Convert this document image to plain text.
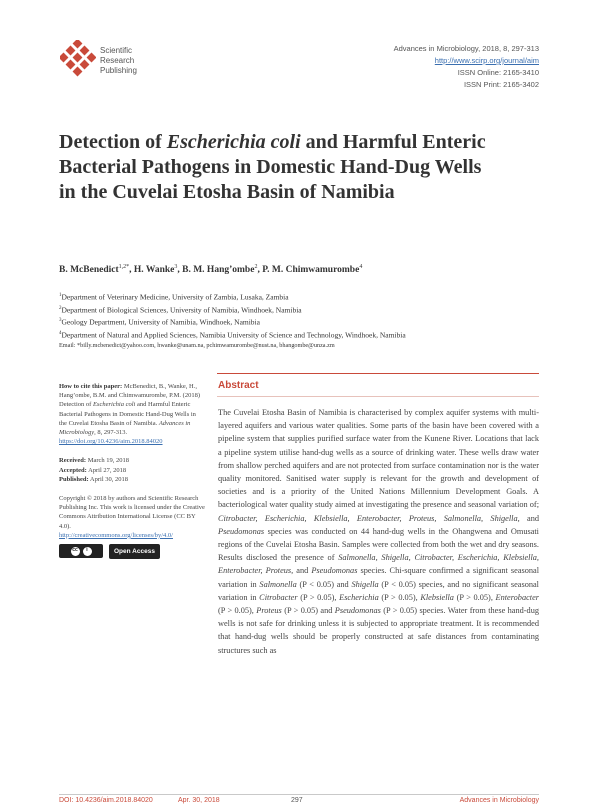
Scientific
Research
Publishing
Advances in Microbiology, 2018, 8, 297-313
http://www.scirp.org/journal/aim
ISSN Online: 2165-3410
ISSN Print: 2165-3402
Detection of Escherichia coli and Harmful Enteric Bacterial Pathogens in Domestic Hand-Dug Wells in the Cuvelai Etosha Basin of Namibia
B. McBenedict$^{1,2*}$, H. Wanke$^3$, B. M. Hang’ombe$^2$, P. M. Chimwamurombe$^4$
$^1$Department of Veterinary Medicine, University of Zambia, Lusaka, Zambia
$^2$Department of Biological Sciences, University of Namibia, Windhoek, Namibia
$^3$Geology Department, University of Namibia, Windhoek, Namibia
$^4$Department of Natural and Applied Sciences, Namibia University of Science and Technology, Windhoek, Namibia
Email: *billy.mcbenedict@yahoo.com, hwanke@unam.na, pchimwamurombe@nust.na, bhangombe@unza.zm
How to cite this paper: McBenedict, B., Wanke, H., Hang’ombe, B.M. and Chimwamurombe, P.M. (2018) Detection of Escherichia coli and Harmful Enteric Bacterial Pathogens in Domestic Hand-Dug Wells in the Cuvelai Etosha Basin of Namibia. Advances in Microbiology, 8, 297-313.
https://doi.org/10.4236/aim.2018.84020
Received: March 19, 2018
Accepted: April 27, 2018
Published: April 30, 2018
Copyright © 2018 by authors and Scientific Research Publishing Inc. This work is licensed under the Creative Commons Attribution International License (CC BY 4.0).
http://creativecommons.org/licenses/by/4.0/
cc	i	Open Access
Abstract
The Cuvelai Etosha Basin of Namibia is characterised by complex aquifer systems with multi-layered aquifers and various water qualities. Some parts of the basin have been covered with a pipeline system that supplies purified surface water from the Kunene River. Locations that lack a pipeline system utilise hand-dug wells as a source of drinking water. These wells draw water from shallow perched aquifers and are not protected from surface contamination nor is the water quality monitored. Sanitised water supply is relevant for the growth and development of societies and is a priority of the United Nations Millennium Development Goals. A bacteriological water quality study aimed at investigating the presence and seasonal variation of; Citrobacter, Escherichia, Klebsiella, Enterobacter, Proteus, Salmonella, Shigella, and Pseudomonas species was conducted on 44 hand-dug wells in the Ohangwena and Omusati regions of the Cuvelai Etosha Basin. Samples were collected from both the wet and dry seasons. Results disclosed the presence of Salmonella, Shigella, Citrobacter, Escherichia, Klebsiella, Enterobacter, Proteus, and Pseudomonas species. Chi-square confirmed a significant seasonal variation in Salmonella (P < 0.05) and Shigella (P < 0.05) species, and no significant seasonal variation in Citrobacter (P > 0.05), Escherichia (P > 0.05), Klebsiella (P > 0.05), Enterobacter (P > 0.05), Proteus (P > 0.05) and Pseudomonas (P > 0.05) species. Water from these hand-dug wells is not safe for drinking unless it is subjected to appropriate treatment. It is recommended that hand-dug wells should be properly constructed at safe distances from contaminating structures such as
DOI: 10.4236/aim.2018.84020	Apr. 30, 2018	297	Advances in Microbiology
